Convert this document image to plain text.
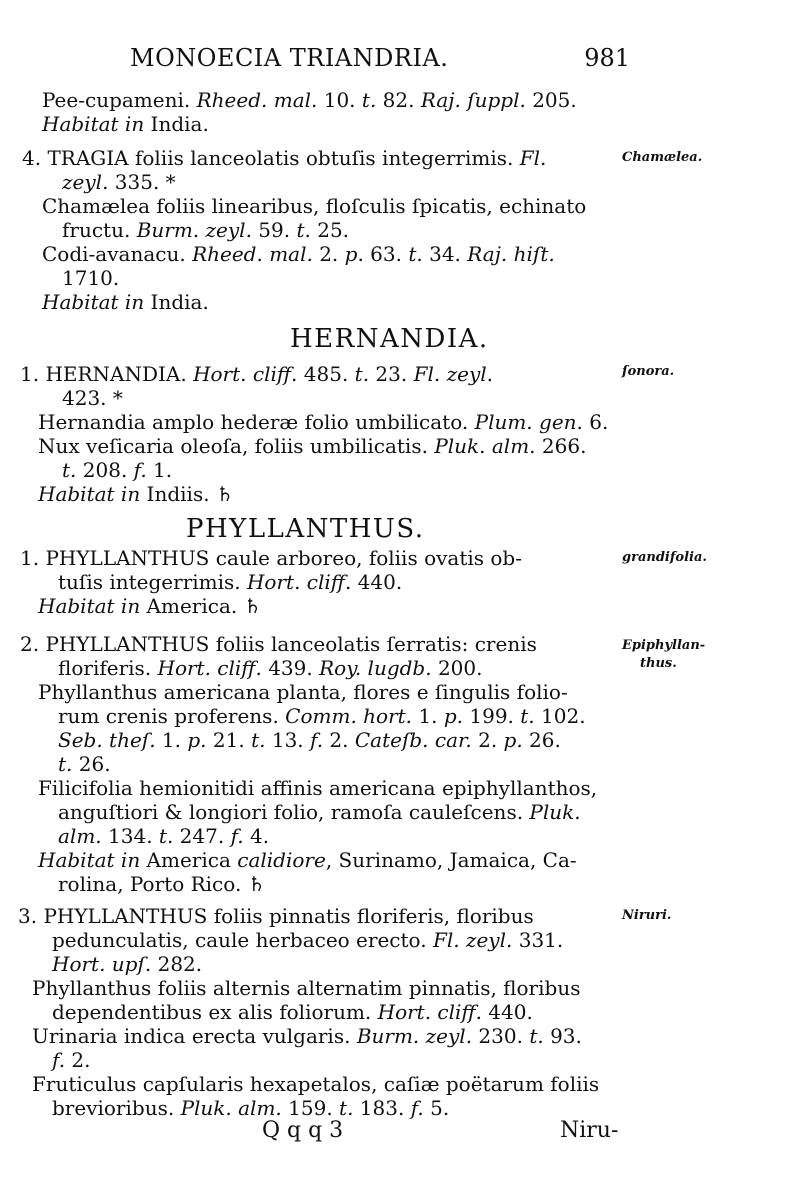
MONOECIA TRIANDRIA.	981
Pee-cupameni. Rheed. mal. 10. t. 82. Raj. ſuppl. 205.
Habitat in India.
4. TRAGIA foliis lanceolatis obtuſis integerrimis. Fl.
zeyl. 335. *
Chamælea foliis linearibus, floſculis ſpicatis, echinato
fructu. Burm. zeyl. 59. t. 25.
Codi-avanacu. Rheed. mal. 2. p. 63. t. 34. Raj. hiſt.
1710.
Habitat in India.
Chamælea.
HERNANDIA.
1. HERNANDIA. Hort. cliff. 485. t. 23. Fl. zeyl.
423. *
Hernandia amplo hederæ folio umbilicato. Plum. gen. 6.
Nux veſicaria oleoſa, foliis umbilicatis. Pluk. alm. 266.
t. 208. f. 1.
Habitat in Indiis. ♄
ſonora.
PHYLLANTHUS.
1. PHYLLANTHUS caule arboreo, foliis ovatis ob-
tuſis integerrimis. Hort. cliff. 440.
Habitat in America. ♄
grandifolia.
2. PHYLLANTHUS foliis lanceolatis ſerratis: crenis
floriferis. Hort. cliff. 439. Roy. lugdb. 200.
Phyllanthus americana planta, flores e ſingulis folio-
rum crenis proferens. Comm. hort. 1. p. 199. t. 102.
Seb. theſ. 1. p. 21. t. 13. f. 2. Cateſb. car. 2. p. 26.
t. 26.
Filicifolia hemionitidi affinis americana epiphyllanthos,
anguſtiori & longiori folio, ramoſa cauleſcens. Pluk.
alm. 134. t. 247. f. 4.
Habitat in America calidiore, Surinamo, Jamaica, Ca-
rolina, Porto Rico. ♄
Epiphyllan-
thus.
3. PHYLLANTHUS foliis pinnatis floriferis, floribus
pedunculatis, caule herbaceo erecto. Fl. zeyl. 331.
Hort. upſ. 282.
Phyllanthus foliis alternis alternatim pinnatis, floribus
dependentibus ex alis foliorum. Hort. cliff. 440.
Urinaria indica erecta vulgaris. Burm. zeyl. 230. t. 93.
f. 2.
Fruticulus capſularis hexapetalos, caſiæ poëtarum foliis
brevioribus. Pluk. alm. 159. t. 183. f. 5.
Niruri.
Q q q 3	Niru-
